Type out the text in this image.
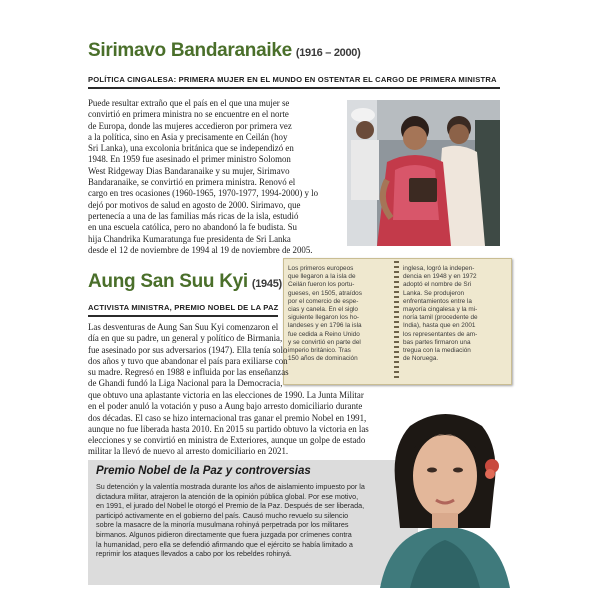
Sirimavo Bandaranaike (1916 – 2000)
POLÍTICA CINGALESA: PRIMERA MUJER EN EL MUNDO EN OSTENTAR EL CARGO DE PRIMERA MINISTRA
Puede resultar extraño que el país en el que una mujer se
convirtió en primera ministra no se encuentre en el norte
de Europa, donde las mujeres accedieron por primera vez
a la política, sino en Asia y precisamente en Ceilán (hoy
Sri Lanka), una excolonia británica que se independizó en
1948. En 1959 fue asesinado el primer ministro Solomon
West Ridgeway Dias Bandaranaike y su mujer, Sirimavo
Bandaranaike, se convirtió en primera ministra. Renovó el
cargo en tres ocasiones (1960-1965, 1970-1977, 1994-2000) y lo
dejó por motivos de salud en agosto de 2000. Sirimavo, que
pertenecía a una de las familias más ricas de la isla, estudió
en una escuela católica, pero no abandonó la fe budista. Su
hija Chandrika Kumaratunga fue presidenta de Sri Lanka
desde el 12 de noviembre de 1994 al 19 de noviembre de 2005.
Aung San Suu Kyi (1945)
ACTIVISTA MINISTRA, PREMIO NOBEL DE LA PAZ
Los primeros europeos
que llegaron a la isla de
Ceilán fueron los portu-
gueses, en 1505, atraídos
por el comercio de espe-
cias y canela. En el siglo
siguiente llegaron los ho-
landeses y en 1796 la isla
fue cedida a Reino Unido
y se convirtió en parte del
imperio británico. Tras
150 años de dominación
inglesa, logró la indepen-
dencia en 1948 y en 1972
adoptó el nombre de Sri
Lanka. Se produjeron
enfrentamientos entre la
mayoría cingalesa y la mi-
noría tamil (procedente de
India), hasta que en 2001
los representantes de am-
bas partes firmaron una
tregua con la mediación
de Noruega.
Las desventuras de Aung San Suu Kyi comenzaron el
día en que su padre, un general y político de Birmania,
fue asesinado por sus adversarios (1947). Ella tenía solo
dos años y tuvo que abandonar el país para exiliarse con
su madre. Regresó en 1988 e influida por las enseñanzas
de Ghandi fundó la Liga Nacional para la Democracia,
que obtuvo una aplastante victoria en las elecciones de 1990. La Junta Militar
en el poder anuló la votación y puso a Aung bajo arresto domiciliario durante
dos décadas. El caso se hizo internacional tras ganar el premio Nobel en 1991,
aunque no fue liberada hasta 2010. En 2015 su partido obtuvo la victoria en las
elecciones y se convirtió en ministra de Exteriores, aunque un golpe de estado
militar la llevó de nuevo al arresto domiciliario en 2021.
Premio Nobel de la Paz y controversias
Su detención y la valentía mostrada durante los años de aislamiento impuesto por la
dictadura militar, atrajeron la atención de la opinión pública global. Por ese motivo,
en 1991, el jurado del Nobel le otorgó el Premio de la Paz. Después de ser liberada,
participó activamente en el gobierno del país. Causó mucho revuelo su silencio
sobre la masacre de la minoría musulmana rohinyá perpetrada por los militares
birmanos. Algunos pidieron directamente que fuera juzgada por crímenes contra
la humanidad, pero ella se defendió afirmando que el ejército se había limitado a
reprimir los ataques llevados a cabo por los rebeldes rohinyá.
